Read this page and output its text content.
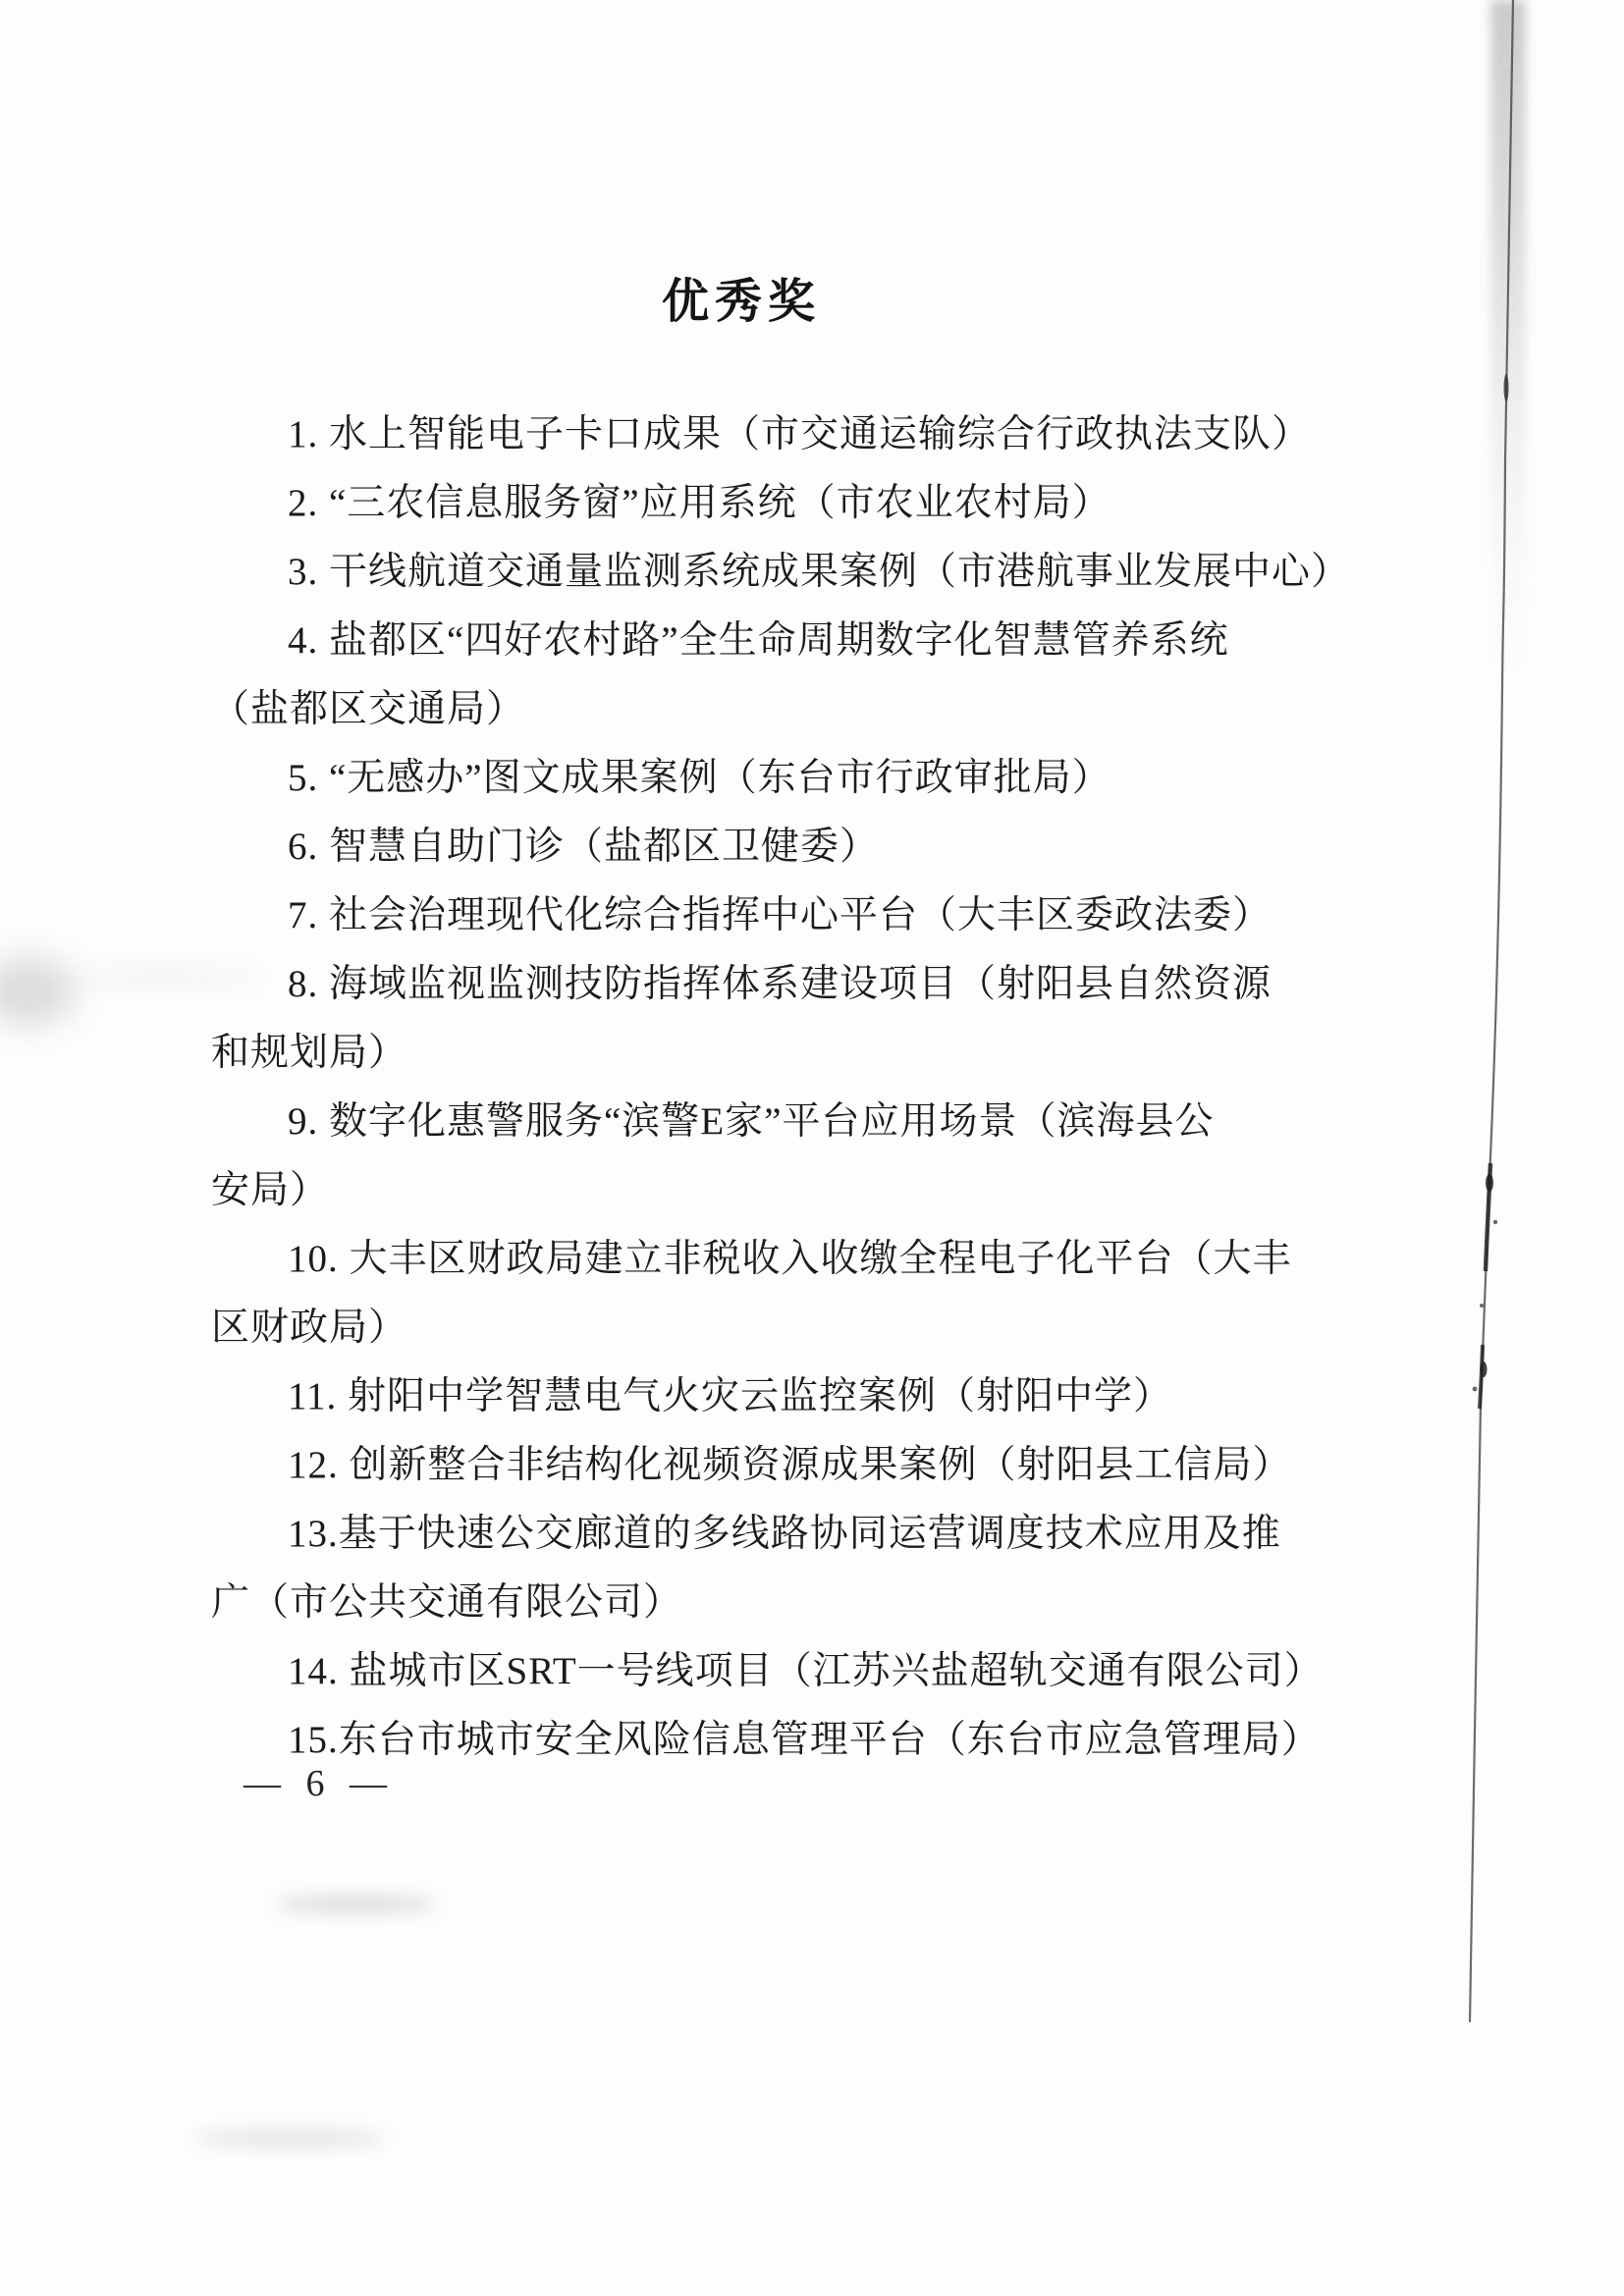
优秀奖
1. 水上智能电子卡口成果（市交通运输综合行政执法支队）
2. “三农信息服务窗”应用系统（市农业农村局）
3. 干线航道交通量监测系统成果案例（市港航事业发展中心）
4. 盐都区“四好农村路”全生命周期数字化智慧管养系统
（盐都区交通局）
5. “无感办”图文成果案例（东台市行政审批局）
6. 智慧自助门诊（盐都区卫健委）
7. 社会治理现代化综合指挥中心平台（大丰区委政法委）
8. 海域监视监测技防指挥体系建设项目（射阳县自然资源
和规划局）
9. 数字化惠警服务“滨警E家”平台应用场景（滨海县公
安局）
10. 大丰区财政局建立非税收入收缴全程电子化平台（大丰
区财政局）
11. 射阳中学智慧电气火灾云监控案例（射阳中学）
12. 创新整合非结构化视频资源成果案例（射阳县工信局）
13.基于快速公交廊道的多线路协同运营调度技术应用及推
广（市公共交通有限公司）
14. 盐城市区SRT一号线项目（江苏兴盐超轨交通有限公司）
15.东台市城市安全风险信息管理平台（东台市应急管理局）
— 6 —
